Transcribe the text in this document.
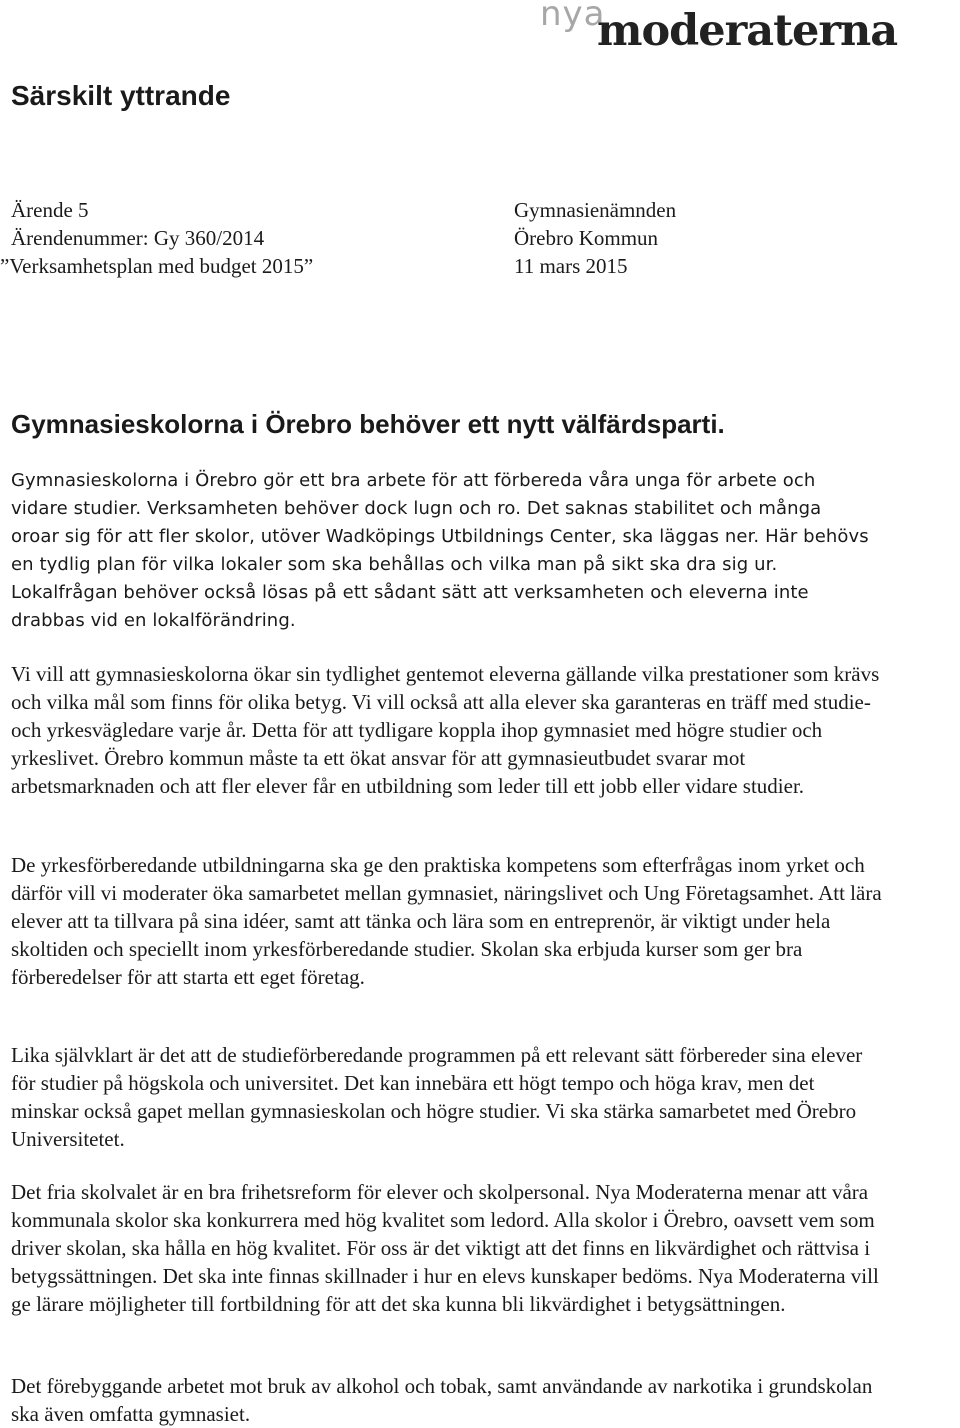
nya
moderaterna
Särskilt yttrande
Ärende 5
Ärendenummer: Gy 360/2014
”Verksamhetsplan med budget 2015”
Gymnasienämnden
Örebro Kommun
11 mars 2015
Gymnasieskolorna i Örebro behöver ett nytt välfärdsparti.

Gymnasieskolorna i Örebro gör ett bra arbete för att förbereda våra unga för arbete och vidare studier. Verksamheten behöver dock lugn och ro. Det saknas stabilitet och många oroar sig för att fler skolor, utöver Wadköpings Utbildnings Center, ska läggas ner. Här behövs en tydlig plan för vilka lokaler som ska behållas och vilka man på sikt ska dra sig ur. Lokalfrågan behöver också lösas på ett sådant sätt att verksamheten och eleverna inte drabbas vid en lokalförändring.

Vi vill att gymnasieskolorna ökar sin tydlighet gentemot eleverna gällande vilka prestationer som krävs och vilka mål som finns för olika betyg. Vi vill också att alla elever ska garanteras en träff med studie- och yrkesvägledare varje år. Detta för att tydligare koppla ihop gymnasiet med högre studier och yrkeslivet. Örebro kommun måste ta ett ökat ansvar för att gymnasieutbudet svarar mot arbetsmarknaden och att fler elever får en utbildning som leder till ett jobb eller vidare studier.

De yrkesförberedande utbildningarna ska ge den praktiska kompetens som efterfrågas inom yrket och därför vill vi moderater öka samarbetet mellan gymnasiet, näringslivet och Ung Företagsamhet. Att lära elever att ta tillvara på sina idéer, samt att tänka och lära som en entreprenör, är viktigt under hela skoltiden och speciellt inom yrkesförberedande studier. Skolan ska erbjuda kurser som ger bra förberedelser för att starta ett eget företag.

Lika självklart är det att de studieförberedande programmen på ett relevant sätt förbereder sina elever för studier på högskola och universitet. Det kan innebära ett högt tempo och höga krav, men det minskar också gapet mellan gymnasieskolan och högre studier. Vi ska stärka samarbetet med Örebro Universitetet.

Det fria skolvalet är en bra frihetsreform för elever och skolpersonal. Nya Moderaterna menar att våra kommunala skolor ska konkurrera med hög kvalitet som ledord. Alla skolor i Örebro, oavsett vem som driver skolan, ska hålla en hög kvalitet. För oss är det viktigt att det finns en likvärdighet och rättvisa i betygssättningen. Det ska inte finnas skillnader i hur en elevs kunskaper bedöms. Nya Moderaterna vill ge lärare möjligheter till fortbildning för att det ska kunna bli likvärdighet i betygsättningen.

Det förebyggande arbetet mot bruk av alkohol och tobak, samt användande av narkotika i grundskolan ska även omfatta gymnasiet.
